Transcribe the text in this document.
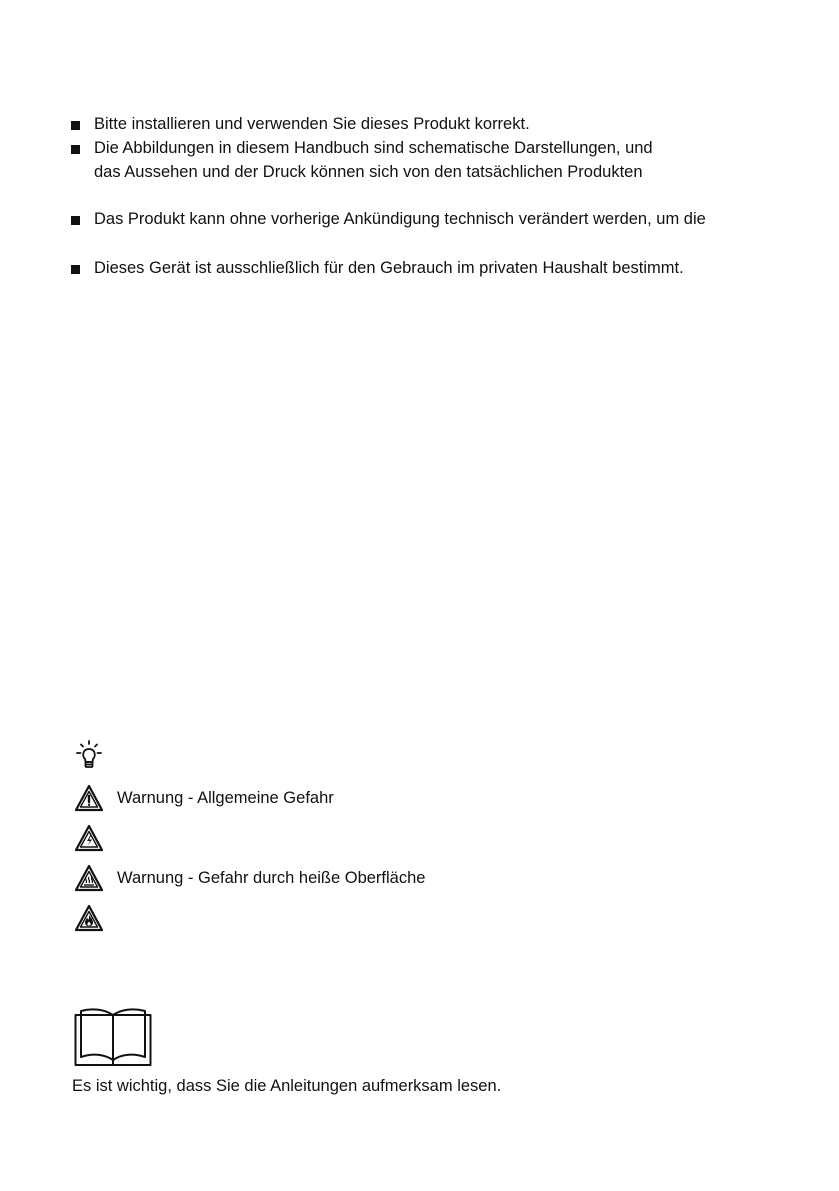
Bitte installieren und verwenden Sie dieses Produkt korrekt.
Die Abbildungen in diesem Handbuch sind schematische Darstellungen, und
das Aussehen und der Druck können sich von den tatsächlichen Produkten
Das Produkt kann ohne vorherige Ankündigung technisch verändert werden, um die
Dieses Gerät ist ausschließlich für den Gebrauch im privaten Haushalt bestimmt.
Warnung - Allgemeine Gefahr
Warnung - Gefahr durch heiße Oberfläche
Es ist wichtig, dass Sie die Anleitungen aufmerksam lesen.
